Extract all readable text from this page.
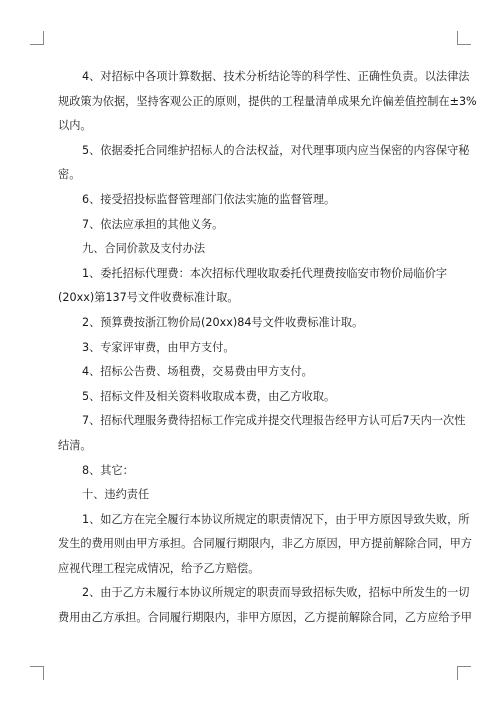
4、对招标中各项计算数据、技术分析结论等的科学性、正确性负责。以法律法
规政策为依据，坚持客观公正的原则，提供的工程量清单成果允许偏差值控制在±3%
以内。
5、依据委托合同维护招标人的合法权益，对代理事项内应当保密的内容保守秘
密。
6、接受招投标监督管理部门依法实施的监督管理。
7、依法应承担的其他义务。
九、合同价款及支付办法
1、委托招标代理费：本次招标代理收取委托代理费按临安市物价局临价字
(20xx)第137号文件收费标准计取。
2、预算费按浙江物价局(20xx)84号文件收费标准计取。
3、专家评审费，由甲方支付。
4、招标公告费、场租费，交易费由甲方支付。
5、招标文件及相关资料收取成本费，由乙方收取。
7、招标代理服务费待招标工作完成并提交代理报告经甲方认可后7天内一次性
结清。
8、其它：
十、违约责任
1、如乙方在完全履行本协议所规定的职责情况下，由于甲方原因导致失败，所
发生的费用则由甲方承担。合同履行期限内，非乙方原因，甲方提前解除合同，甲方
应视代理工程完成情况，给予乙方赔偿。
2、由于乙方未履行本协议所规定的职责而导致招标失败，招标中所发生的一切
费用由乙方承担。合同履行期限内，非甲方原因，乙方提前解除合同，乙方应给予甲
